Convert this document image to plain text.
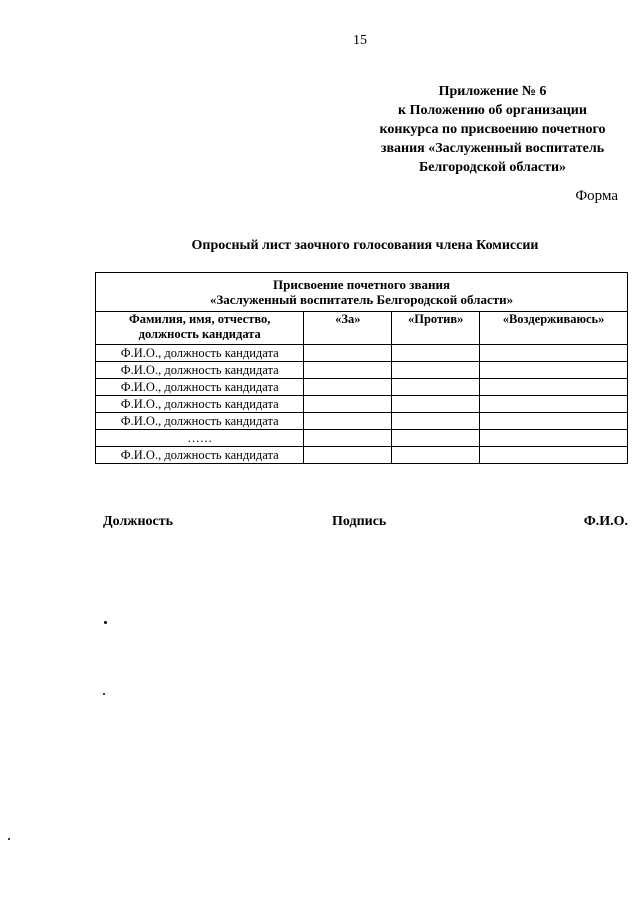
15
Приложение № 6
к Положению об организации
конкурса по присвоению почетного
звания «Заслуженный воспитатель
Белгородской области»
Форма
Опросный лист заочного голосования члена Комиссии
Присвоение почетного звания
«Заслуженный воспитатель Белгородской области»			

Фамилия, имя, отчество, должность кандидата	«За»	«Против»	«Воздерживаюсь»
Ф.И.О., должность кандидата			
Ф.И.О., должность кандидата			
Ф.И.О., должность кандидата			
Ф.И.О., должность кандидата			
Ф.И.О., должность кандидата			
……			
Ф.И.О., должность кандидата			
Должность	Подпись	Ф.И.О.
